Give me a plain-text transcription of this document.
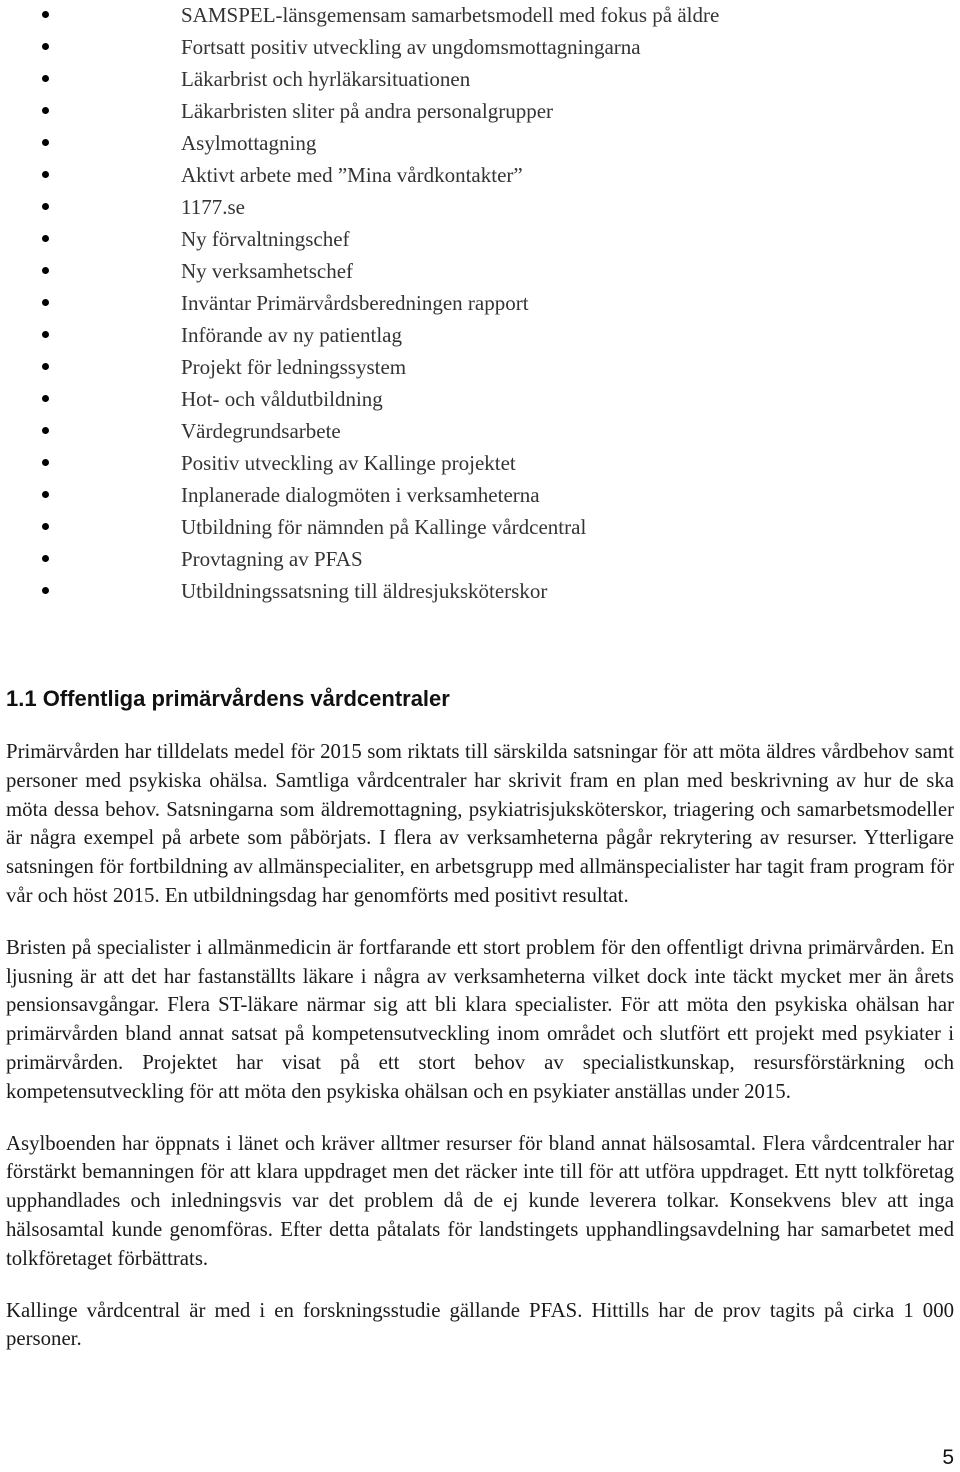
SAMSPEL-länsgemensam samarbetsmodell med fokus på äldre
Fortsatt positiv utveckling av ungdomsmottagningarna
Läkarbrist och hyrläkarsituationen
Läkarbristen sliter på andra personalgrupper
Asylmottagning
Aktivt arbete med ”Mina vårdkontakter”
1177.se
Ny förvaltningschef
Ny verksamhetschef
Inväntar Primärvårdsberedningen rapport
Införande av ny patientlag
Projekt för ledningssystem
Hot- och våldutbildning
Värdegrundsarbete
Positiv utveckling av Kallinge projektet
Inplanerade dialogmöten i verksamheterna
Utbildning för nämnden på Kallinge vårdcentral
Provtagning av PFAS
Utbildningssatsning till äldresjuksköterskor
1.1 Offentliga primärvårdens vårdcentraler

Primärvården har tilldelats medel för 2015 som riktats till särskilda satsningar för att möta äldres vårdbehov samt personer med psykiska ohälsa. Samtliga vårdcentraler har skrivit fram en plan med beskrivning av hur de ska möta dessa behov. Satsningarna som äldremottagning, psykiatrisjuksköterskor, triagering och samarbetsmodeller är några exempel på arbete som påbörjats. I flera av verksamheterna pågår rekrytering av resurser. Ytterligare satsningen för fortbildning av allmänspecialiter, en arbetsgrupp med allmänspecialister har tagit fram program för vår och höst 2015. En utbildningsdag har genomförts med positivt resultat.

Bristen på specialister i allmänmedicin är fortfarande ett stort problem för den offentligt drivna primärvården. En ljusning är att det har fastanställts läkare i några av verksamheterna vilket dock inte täckt mycket mer än årets pensionsavgångar. Flera ST-läkare närmar sig att bli klara specialister. För att möta den psykiska ohälsan har primärvården bland annat satsat på kompetensutveckling inom området och slutfört ett projekt med psykiater i primärvården. Projektet har visat på ett stort behov av specialistkunskap, resursförstärkning och kompetensutveckling för att möta den psykiska ohälsan och en psykiater anställas under 2015.

Asylboenden har öppnats i länet och kräver alltmer resurser för bland annat hälsosamtal. Flera vårdcentraler har förstärkt bemanningen för att klara uppdraget men det räcker inte till för att utföra uppdraget. Ett nytt tolkföretag upphandlades och inledningsvis var det problem då de ej kunde leverera tolkar. Konsekvens blev att inga hälsosamtal kunde genomföras. Efter detta påtalats för landstingets upphandlingsavdelning har samarbetet med tolkföretaget förbättrats.

Kallinge vårdcentral är med i en forskningsstudie gällande PFAS. Hittills har de prov tagits på cirka 1 000 personer.

5
